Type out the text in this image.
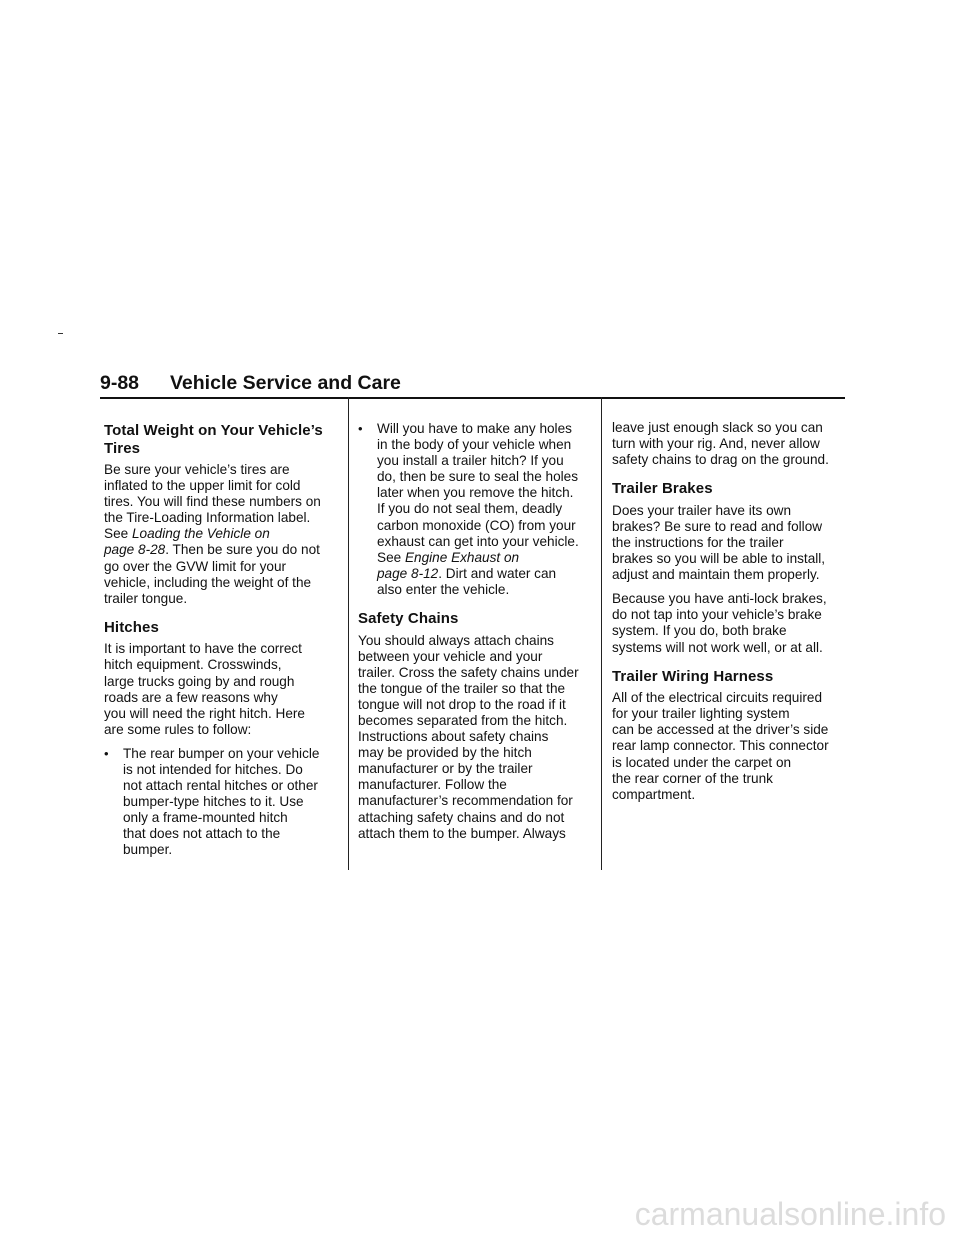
9-88 Vehicle Service and Care
Total Weight on Your Vehicle’s
Tires

Be sure your vehicle’s tires are
inflated to the upper limit for cold
tires. You will find these numbers on
the Tire-Loading Information label.
See Loading the Vehicle on
page 8-28. Then be sure you do not
go over the GVW limit for your
vehicle, including the weight of the
trailer tongue.

Hitches

It is important to have the correct
hitch equipment. Crosswinds,
large trucks going by and rough
roads are a few reasons why
you will need the right hitch. Here
are some rules to follow:

• The rear bumper on your vehicle
is not intended for hitches. Do
not attach rental hitches or other
bumper-type hitches to it. Use
only a frame-mounted hitch
that does not attach to the
bumper.
• Will you have to make any holes
in the body of your vehicle when
you install a trailer hitch? If you
do, then be sure to seal the holes
later when you remove the hitch.
If you do not seal them, deadly
carbon monoxide (CO) from your
exhaust can get into your vehicle.
See Engine Exhaust on
page 8-12. Dirt and water can
also enter the vehicle.
Safety Chains

You should always attach chains
between your vehicle and your
trailer. Cross the safety chains under
the tongue of the trailer so that the
tongue will not drop to the road if it
becomes separated from the hitch.
Instructions about safety chains
may be provided by the hitch
manufacturer or by the trailer
manufacturer. Follow the
manufacturer’s recommendation for
attaching safety chains and do not
attach them to the bumper. Always

leave just enough slack so you can
turn with your rig. And, never allow
safety chains to drag on the ground.

Trailer Brakes

Does your trailer have its own
brakes? Be sure to read and follow
the instructions for the trailer
brakes so you will be able to install,
adjust and maintain them properly.

Because you have anti-lock brakes,
do not tap into your vehicle’s brake
system. If you do, both brake
systems will not work well, or at all.

Trailer Wiring Harness

All of the electrical circuits required
for your trailer lighting system
can be accessed at the driver’s side
rear lamp connector. This connector
is located under the carpet on
the rear corner of the trunk
compartment.

carmanualsonline.info
